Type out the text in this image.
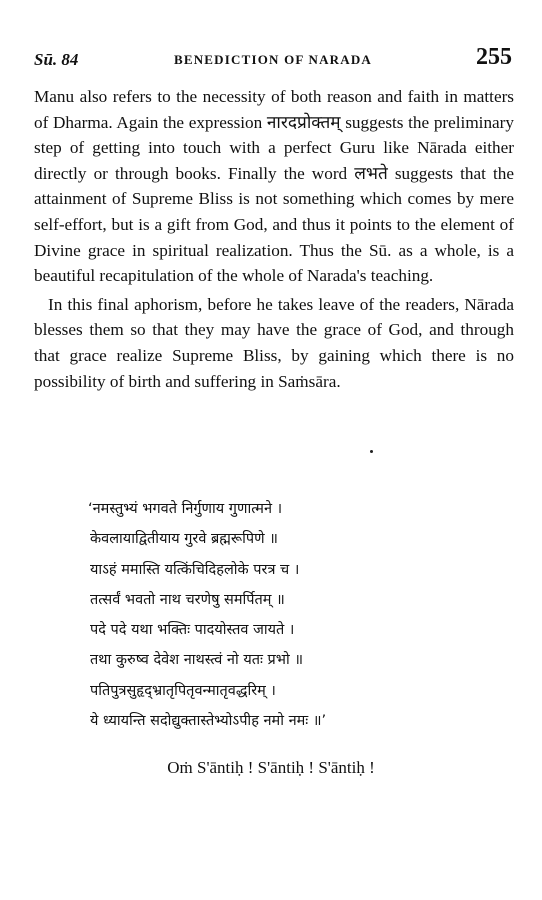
Sū. 84	BENEDICTION OF NARADA	255

Manu also refers to the necessity of both reason and faith in matters of Dharma. Again the expression नारदप्रोक्तम् suggests the preliminary step of getting into touch with a perfect Guru like Nārada either directly or through books. Finally the word लभते suggests that the attainment of Supreme Bliss is not something which comes by mere self-effort, but is a gift from God, and thus it points to the element of Divine grace in spiritual realization. Thus the Sū. as a whole, is a beautiful recapitulation of the whole of Narada's teaching.

In this final aphorism, before he takes leave of the readers, Nārada blesses them so that they may have the grace of God, and through that grace realize Supreme Bliss, by gaining which there is no possibility of birth and suffering in Saṁsāra.

‘नमस्तुभ्यं भगवते निर्गुणाय गुणात्मने ।
केवलायाद्वितीयाय गुरवे ब्रह्मरूपिणे ॥
याऽहं ममास्ति यत्किंचिदिहलोके परत्र च ।
तत्सर्वं भवतो नाथ चरणेषु समर्पितम् ॥
पदे पदे यथा भक्तिः पादयोस्तव जायते ।
तथा कुरुष्व देवेश नाथस्त्वं नो यतः प्रभो ॥
पतिपुत्रसुहृद्भ्रातृपितृवन्मातृवद्धरिम् ।
ये ध्यायन्ति सदोद्युक्तास्तेभ्योऽपीह नमो नमः ॥’
Oṁ S'āntiḥ ! S'āntiḥ ! S'āntiḥ !
